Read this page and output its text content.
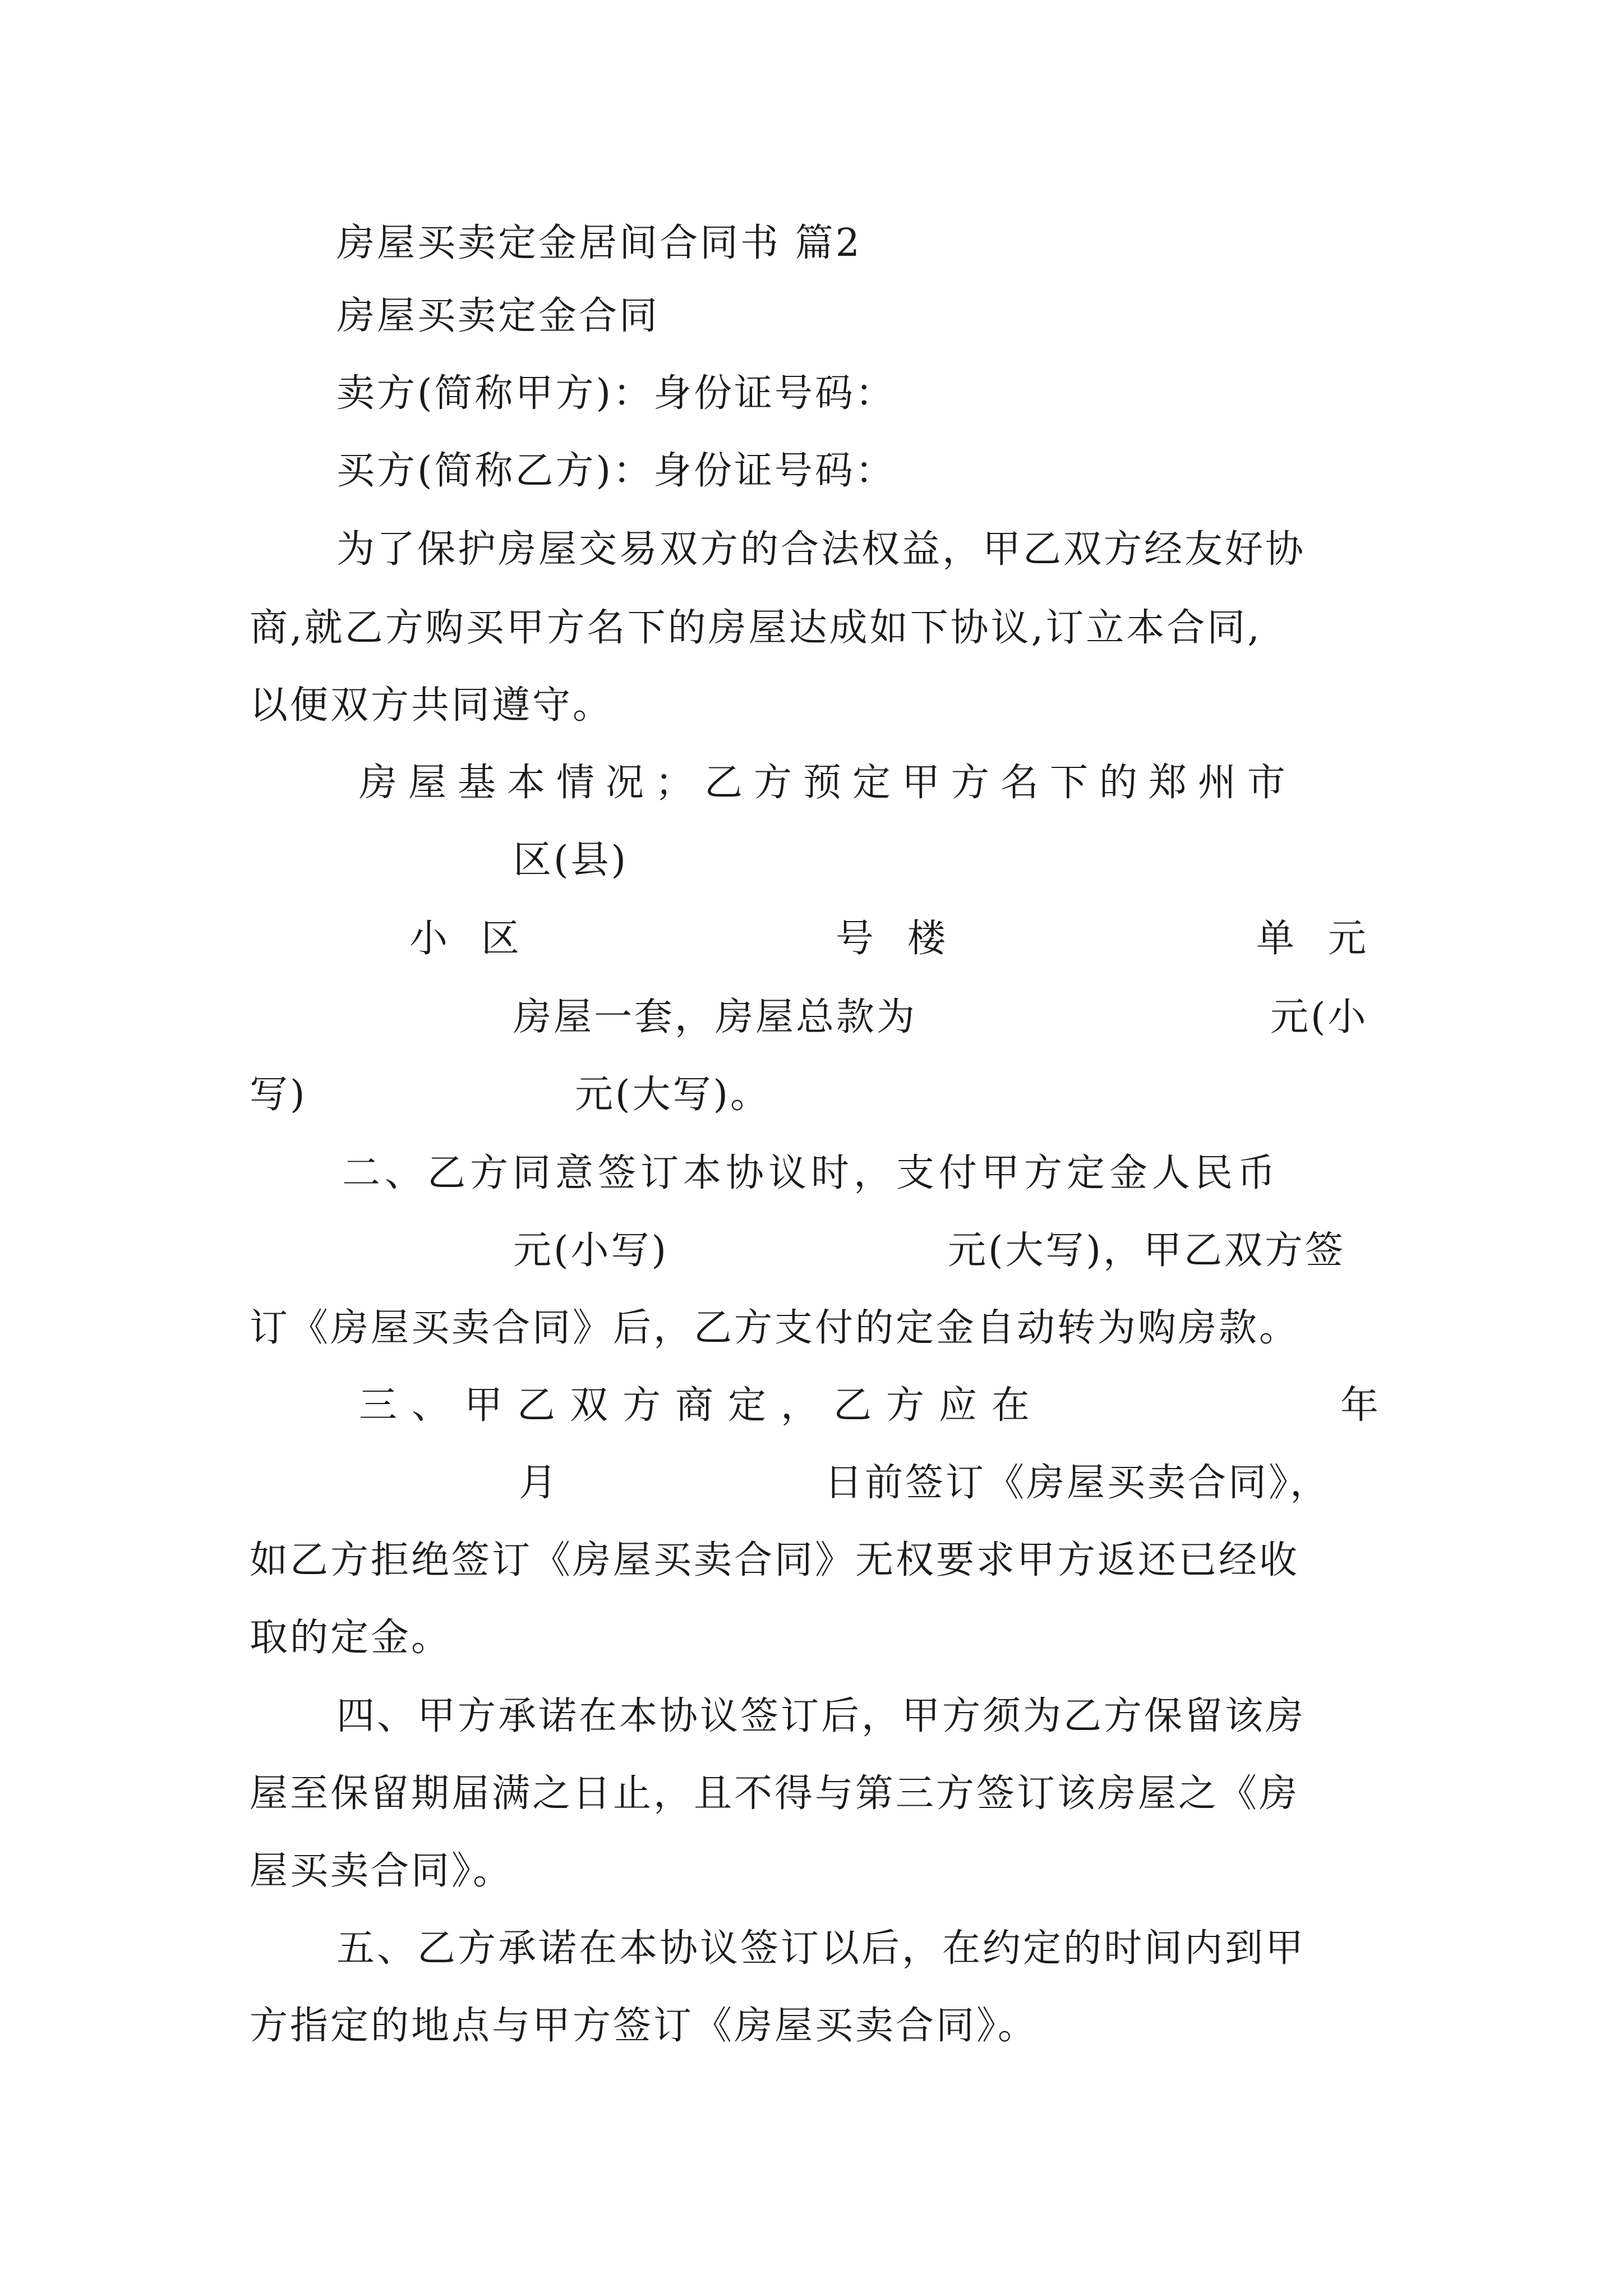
房屋买卖定金居间合同书 篇2
房屋买卖定金合同
卖方(简称甲方)：身份证号码：
买方(简称乙方)：身份证号码：
为了保护房屋交易双方的合法权益，甲乙双方经友好协
商,就乙方购买甲方名下的房屋达成如下协议,订立本合同,
以便双方共同遵守。
房屋基本情况；乙方预定甲方名下的郑州市
区(县)
小区	号楼	单元
房屋一套，房屋总款为	元(小
写)	元(大写)。
二、乙方同意签订本协议时，支付甲方定金人民币
元(小写)	元(大写)，甲乙双方签
订《房屋买卖合同》后，乙方支付的定金自动转为购房款。
三、甲乙双方商定，乙方应在	年
月	日前签订《房屋买卖合同》，
如乙方拒绝签订《房屋买卖合同》无权要求甲方返还已经收
取的定金。
四、甲方承诺在本协议签订后，甲方须为乙方保留该房
屋至保留期届满之日止，且不得与第三方签订该房屋之《房
屋买卖合同》。
五、乙方承诺在本协议签订以后，在约定的时间内到甲
方指定的地点与甲方签订《房屋买卖合同》。
